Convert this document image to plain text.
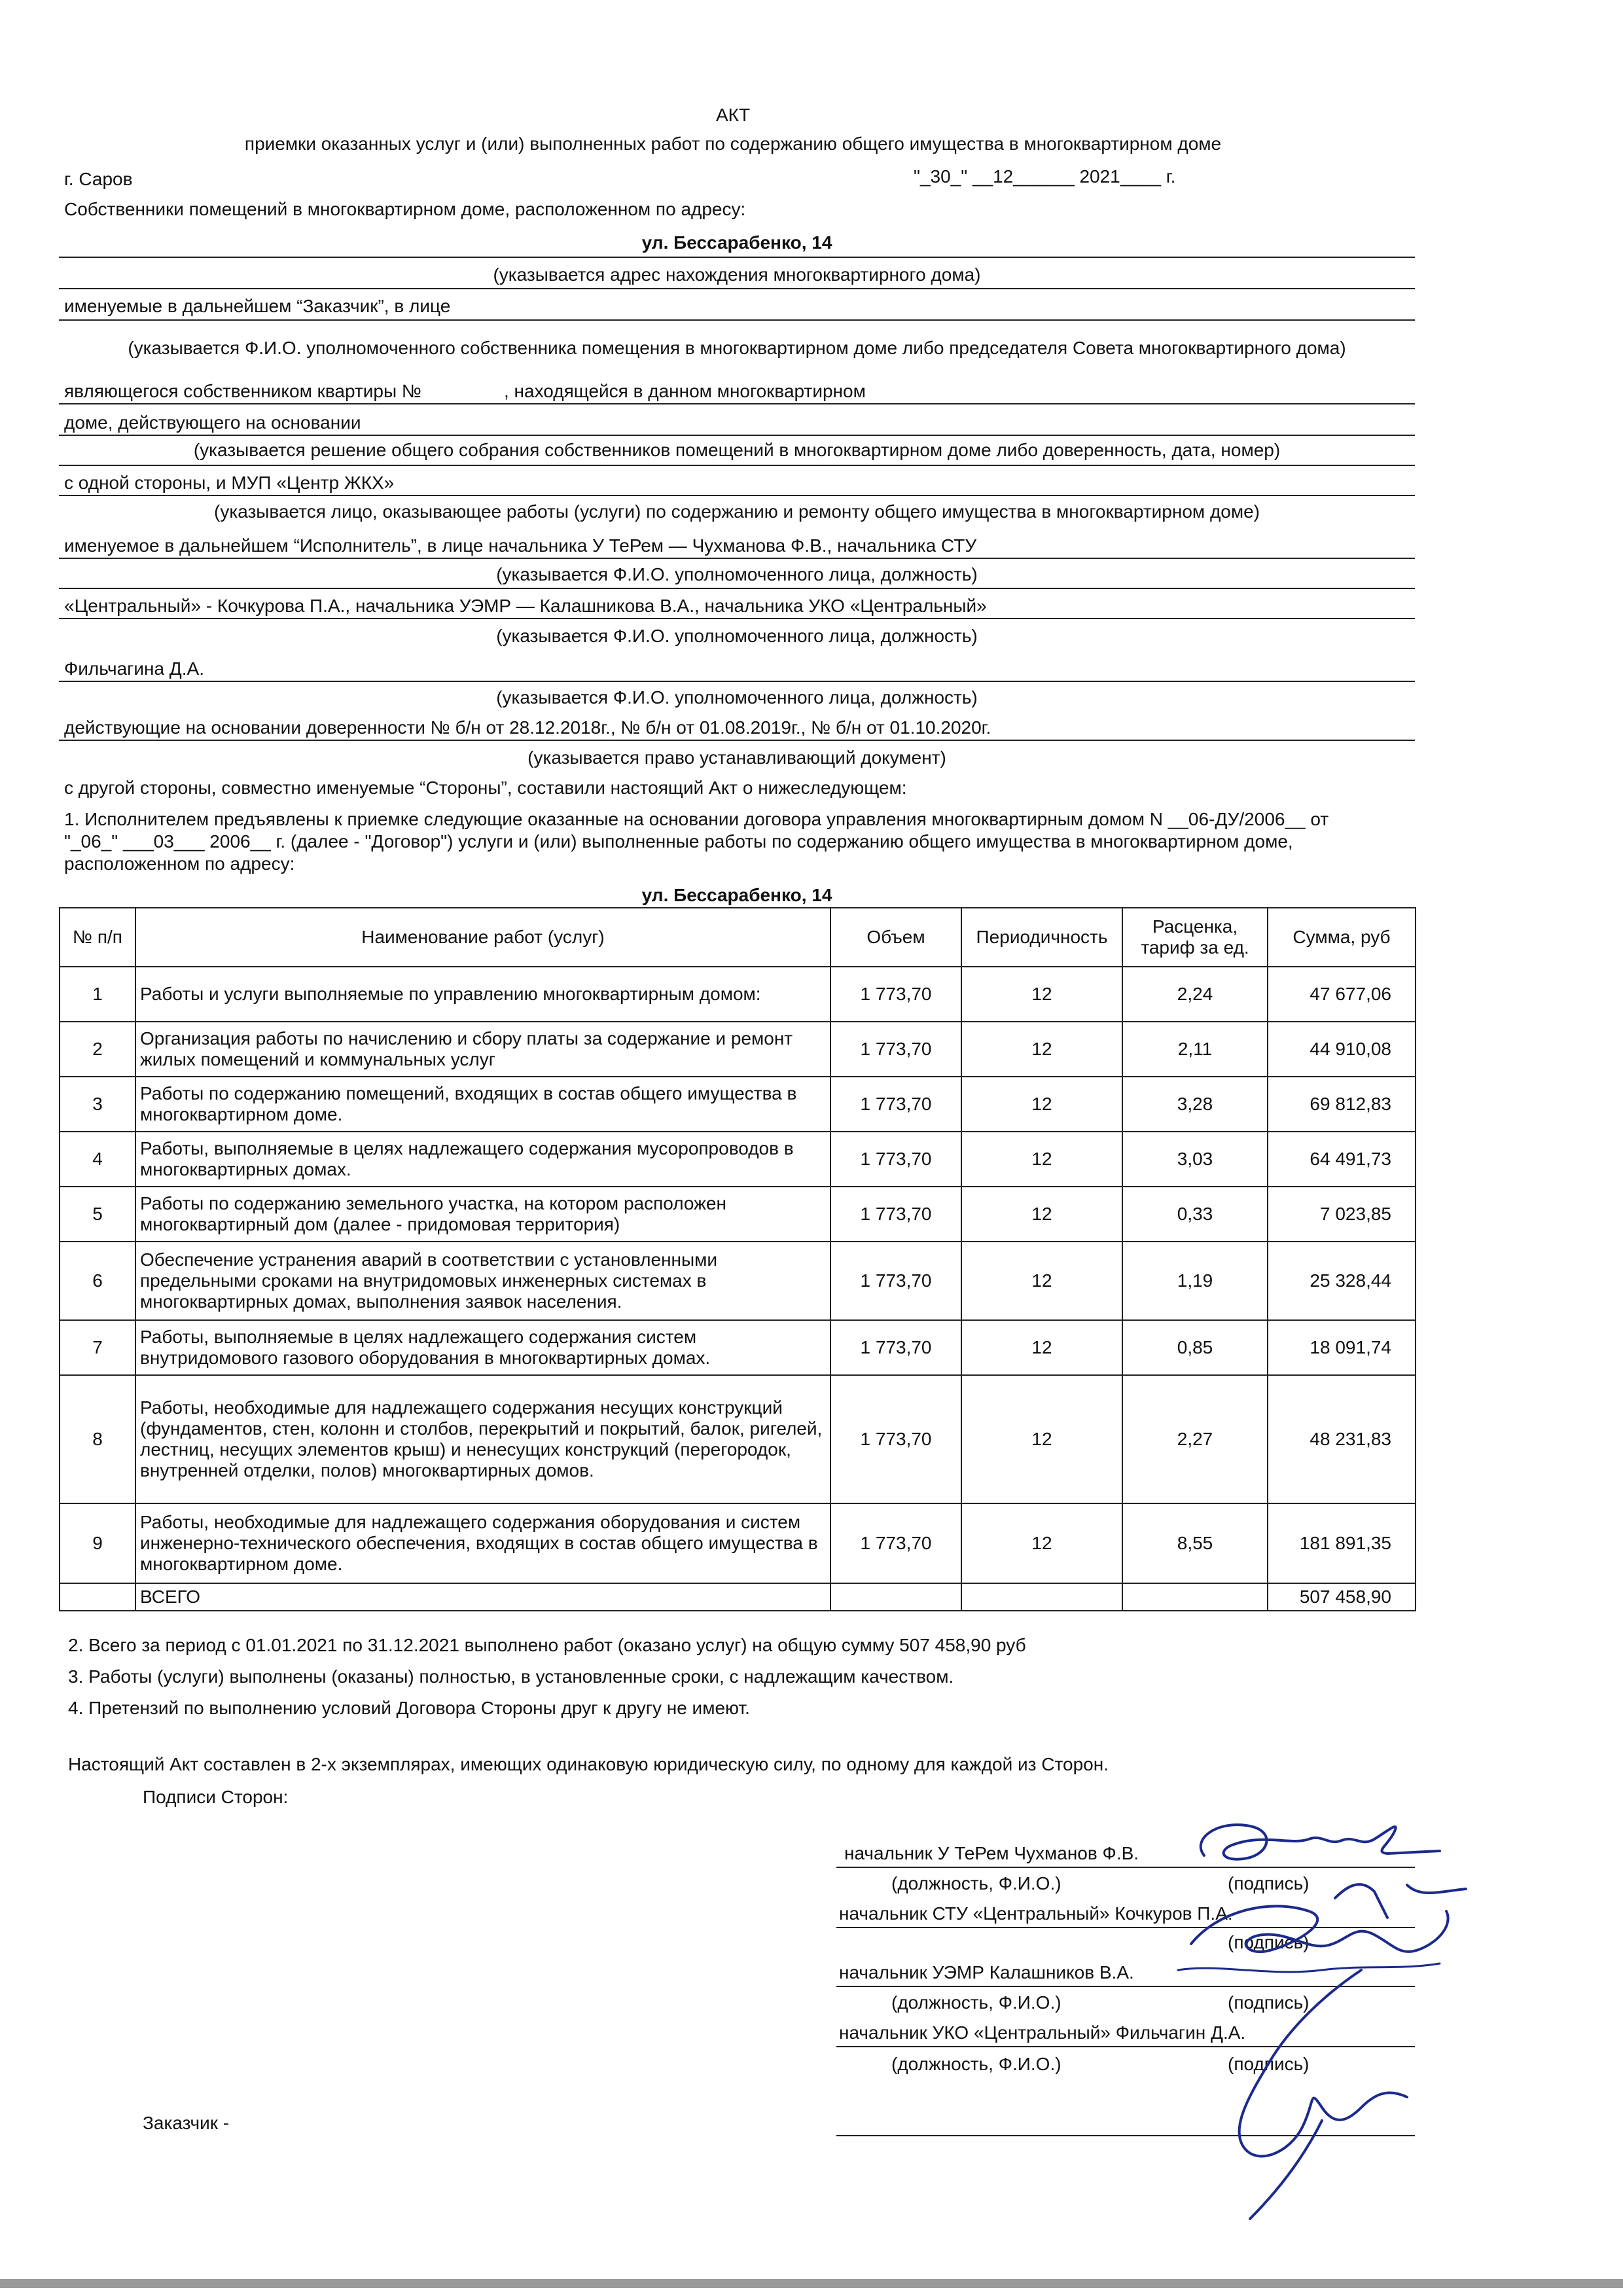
АКТ
приемки оказанных услуг и (или) выполненных работ по содержанию общего имущества в многоквартирном доме
г. Саров	"_30_" __12______ 2021____ г.
Собственники помещений в многоквартирном доме, расположенном по адресу:
ул. Бессарабенко, 14
(указывается адрес нахождения многоквартирного дома)
именуемые в дальнейшем “Заказчик”, в лице
(указывается Ф.И.О. уполномоченного собственника помещения в многоквартирном доме либо председателя Совета многоквартирного дома)
являющегося собственником квартиры №	, находящейся в данном многоквартирном
доме, действующего на основании
(указывается решение общего собрания собственников помещений в многоквартирном доме либо доверенность, дата, номер)
с одной стороны, и МУП «Центр ЖКХ»
(указывается лицо, оказывающее работы (услуги) по содержанию и ремонту общего имущества в многоквартирном доме)
именуемое в дальнейшем “Исполнитель”, в лице начальника У ТеРем — Чухманова Ф.В., начальника СТУ
(указывается Ф.И.О. уполномоченного лица, должность)
«Центральный» - Кочкурова П.А., начальника УЭМР — Калашникова В.А., начальника УКО «Центральный»
(указывается Ф.И.О. уполномоченного лица, должность)
Фильчагина Д.А.
(указывается Ф.И.О. уполномоченного лица, должность)
действующие на основании доверенности № б/н от 28.12.2018г., № б/н от 01.08.2019г., № б/н от 01.10.2020г.
(указывается право устанавливающий документ)
с другой стороны, совместно именуемые “Стороны”, составили настоящий Акт о нижеследующем:
1. Исполнителем предъявлены к приемке следующие оказанные на основании договора управления многоквартирным домом N __06-ДУ/2006__ от
"_06_" ___03___ 2006__ г. (далее - "Договор") услуги и (или) выполненные работы по содержанию общего имущества в многоквартирном доме,
расположенном по адресу:
ул. Бессарабенко, 14
№ п/п	Наименование работ (услуг)	Объем	Периодичность	Расценка,
тариф за ед.	Сумма, руб
1	Работы и услуги выполняемые по управлению многоквартирным домом:	1 773,70	12	2,24	47 677,06
2	Организация работы по начислению и сбору платы за содержание и ремонт жилых помещений и коммунальных услуг	1 773,70	12	2,11	44 910,08
3	Работы по содержанию помещений, входящих в состав общего имущества в многоквартирном доме.	1 773,70	12	3,28	69 812,83
4	Работы, выполняемые в целях надлежащего содержания мусоропроводов в многоквартирных домах.	1 773,70	12	3,03	64 491,73
5	Работы по содержанию земельного участка, на котором расположен многоквартирный дом (далее - придомовая территория)	1 773,70	12	0,33	7 023,85
6	Обеспечение устранения аварий в соответствии с установленными предельными сроками на внутридомовых инженерных системах в многоквартирных домах, выполнения заявок населения.	1 773,70	12	1,19	25 328,44
7	Работы, выполняемые в целях надлежащего содержания систем внутридомового газового оборудования в многоквартирных домах.	1 773,70	12	0,85	18 091,74
8	Работы, необходимые для надлежащего содержания несущих конструкций (фундаментов, стен, колонн и столбов, перекрытий и покрытий, балок, ригелей, лестниц, несущих элементов крыш) и ненесущих конструкций (перегородок, внутренней отделки, полов) многоквартирных домов.	1 773,70	12	2,27	48 231,83
9	Работы, необходимые для надлежащего содержания оборудования и систем инженерно-технического обеспечения, входящих в состав общего имущества в многоквартирном доме.	1 773,70	12	8,55	181 891,35
	ВСЕГО				507 458,90
2. Всего за период с 01.01.2021 по 31.12.2021 выполнено работ (оказано услуг) на общую сумму 507 458,90 руб
3. Работы (услуги) выполнены (оказаны) полностью, в установленные сроки, с надлежащим качеством.
4. Претензий по выполнению условий Договора Стороны друг к другу не имеют.
Настоящий Акт составлен в 2-х экземплярах, имеющих одинаковую юридическую силу, по одному для каждой из Сторон.
Подписи Сторон:
начальник У ТеРем Чухманов Ф.В.
(должность, Ф.И.О.)	(подпись)
начальник СТУ «Центральный» Кочкуров П.А.
(подпись)
начальник УЭМР Калашников В.А.
(должность, Ф.И.О.)	(подпись)
начальник УКО «Центральный» Фильчагин Д.А.
(должность, Ф.И.О.)	(подпись)
Заказчик -
